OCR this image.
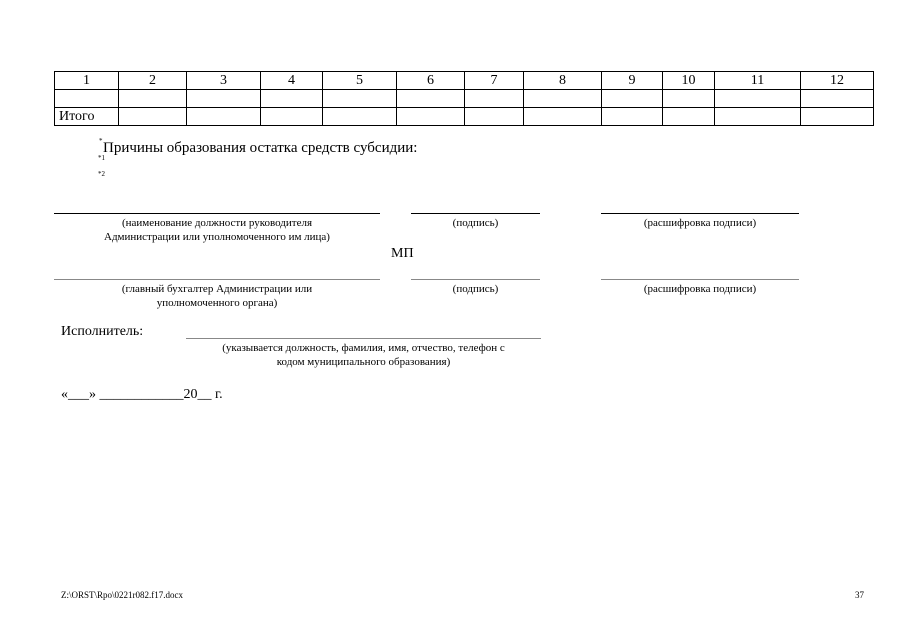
1	2	3	4	5	6	7	8	9	10	11	12

Итого											
* Причины образования остатка средств субсидии:
*1
*2
(наименование должности руководителя
Администрации или уполномоченного им лица)
(подпись)	(расшифровка подписи)
МП
(главный бухгалтер Администрации или
уполномоченного органа)
(подпись)	(расшифровка подписи)
Исполнитель:
(указывается должность, фамилия, имя, отчество, телефон с
кодом муниципального образования)
«___» ____________20__ г.
Z:\ORST\Rpo\0221r082.f17.docx	37
